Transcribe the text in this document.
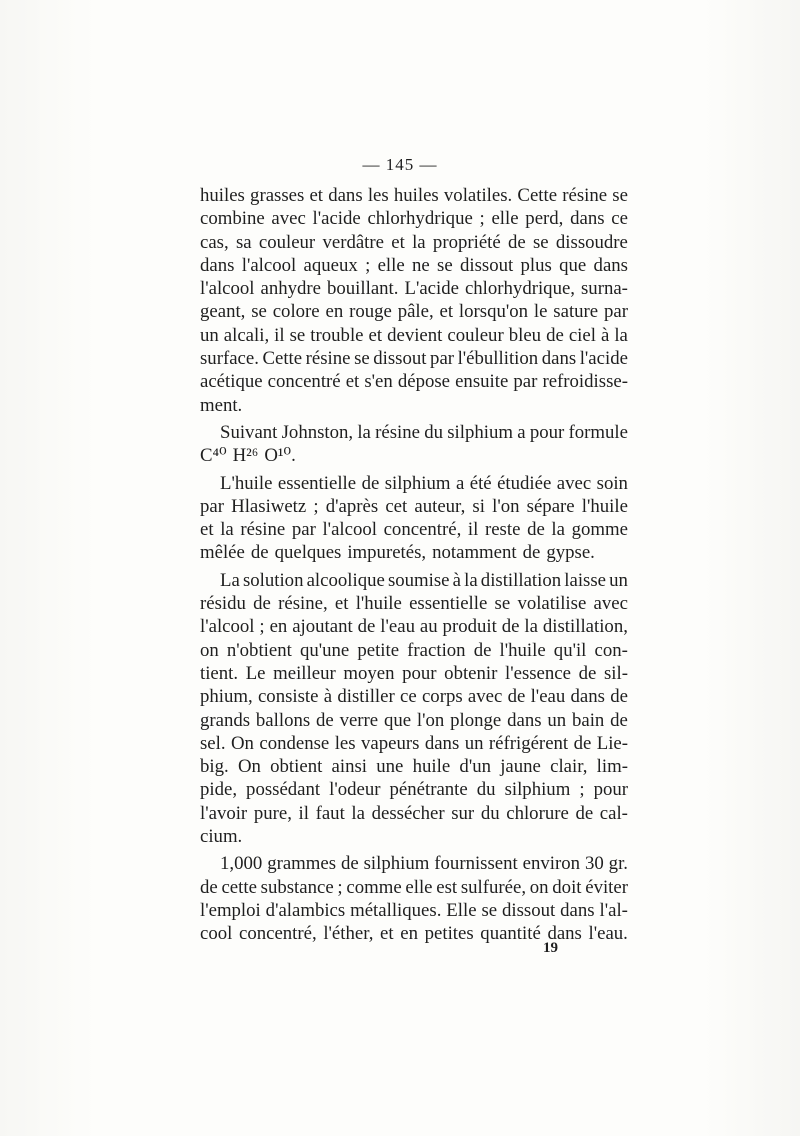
— 145 —
huiles grasses et dans les huiles volatiles. Cette résine se
combine avec l'acide chlorhydrique ; elle perd, dans ce
cas, sa couleur verdâtre et la propriété de se dissoudre
dans l'alcool aqueux ; elle ne se dissout plus que dans
l'alcool anhydre bouillant. L'acide chlorhydrique, surna-
geant, se colore en rouge pâle, et lorsqu'on le sature par
un alcali, il se trouble et devient couleur bleu de ciel à la
surface. Cette résine se dissout par l'ébullition dans l'acide
acétique concentré et s'en dépose ensuite par refroidisse-
ment.
Suivant Johnston, la résine du silphium a pour formule
C⁴⁰ H²⁶ O¹⁰.
L'huile essentielle de silphium a été étudiée avec soin
par Hlasiwetz ; d'après cet auteur, si l'on sépare l'huile
et la résine par l'alcool concentré, il reste de la gomme
mêlée de quelques impuretés, notamment de gypse.
La solution alcoolique soumise à la distillation laisse un
résidu de résine, et l'huile essentielle se volatilise avec
l'alcool ; en ajoutant de l'eau au produit de la distillation,
on n'obtient qu'une petite fraction de l'huile qu'il con-
tient. Le meilleur moyen pour obtenir l'essence de sil-
phium, consiste à distiller ce corps avec de l'eau dans de
grands ballons de verre que l'on plonge dans un bain de
sel. On condense les vapeurs dans un réfrigérent de Lie-
big. On obtient ainsi une huile d'un jaune clair, lim-
pide, possédant l'odeur pénétrante du silphium ; pour
l'avoir pure, il faut la dessécher sur du chlorure de cal-
cium.
1,000 grammes de silphium fournissent environ 30 gr.
de cette substance ; comme elle est sulfurée, on doit éviter
l'emploi d'alambics métalliques. Elle se dissout dans l'al-
cool concentré, l'éther, et en petites quantité dans l'eau.
19
